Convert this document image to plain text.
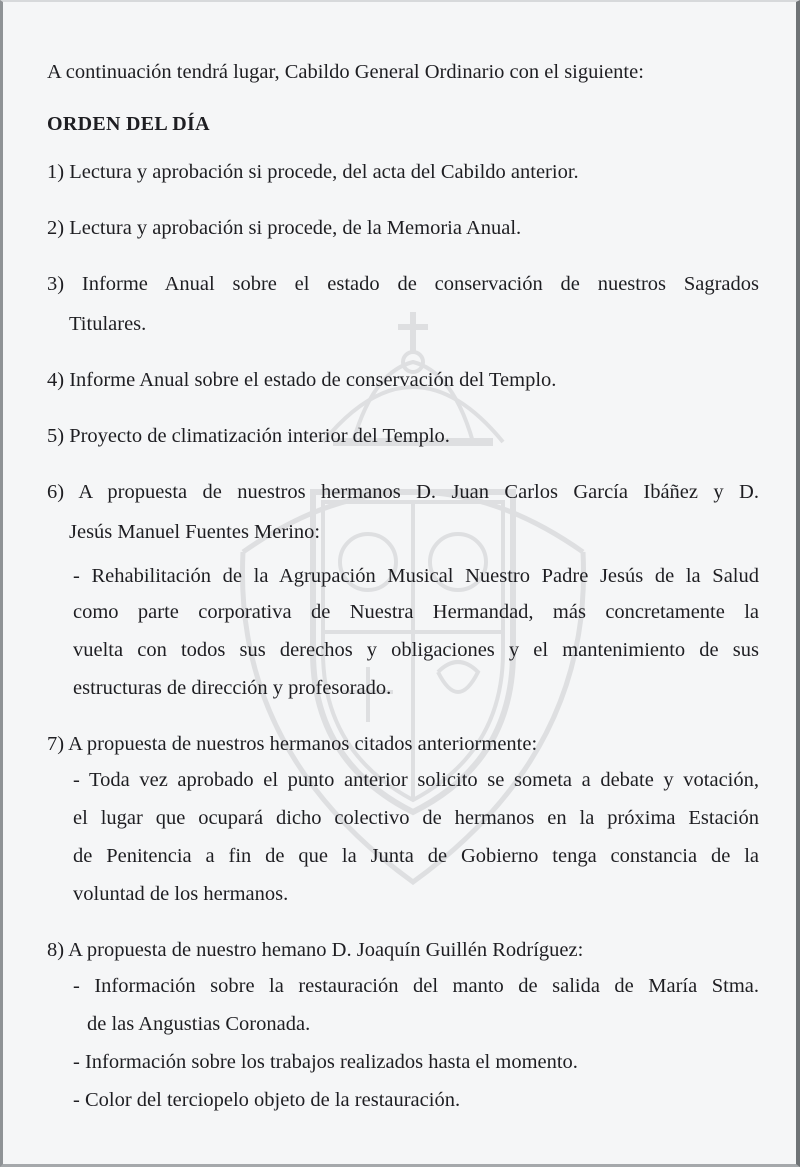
A continuación tendrá lugar, Cabildo General Ordinario con el siguiente:

ORDEN DEL DÍA

1) Lectura y aprobación si procede, del acta del Cabildo anterior.

2) Lectura y aprobación si procede, de la Memoria Anual.

3) Informe Anual sobre el estado de conservación de nuestros Sagrados

Titulares.

4) Informe Anual sobre el estado de conservación del Templo.

5) Proyecto de climatización interior del Templo.

6) A propuesta de nuestros hermanos D. Juan Carlos García Ibáñez y D.

Jesús Manuel Fuentes Merino:

- Rehabilitación de la Agrupación Musical Nuestro Padre Jesús de la Salud

como parte corporativa de Nuestra Hermandad, más concretamente la

vuelta con todos sus derechos y obligaciones y el mantenimiento de sus

estructuras de dirección y profesorado.

7) A propuesta de nuestros hermanos citados anteriormente:

- Toda vez aprobado el punto anterior solicito se someta a debate y votación,

el lugar que ocupará dicho colectivo de hermanos en la próxima Estación

de Penitencia a fin de que la Junta de Gobierno tenga constancia de la

voluntad de los hermanos.

8) A propuesta de nuestro hemano D. Joaquín Guillén Rodríguez:

- Información sobre la restauración del manto de salida de María Stma.

de las Angustias Coronada.

- Información sobre los trabajos realizados hasta el momento.

- Color del terciopelo objeto de la restauración.
